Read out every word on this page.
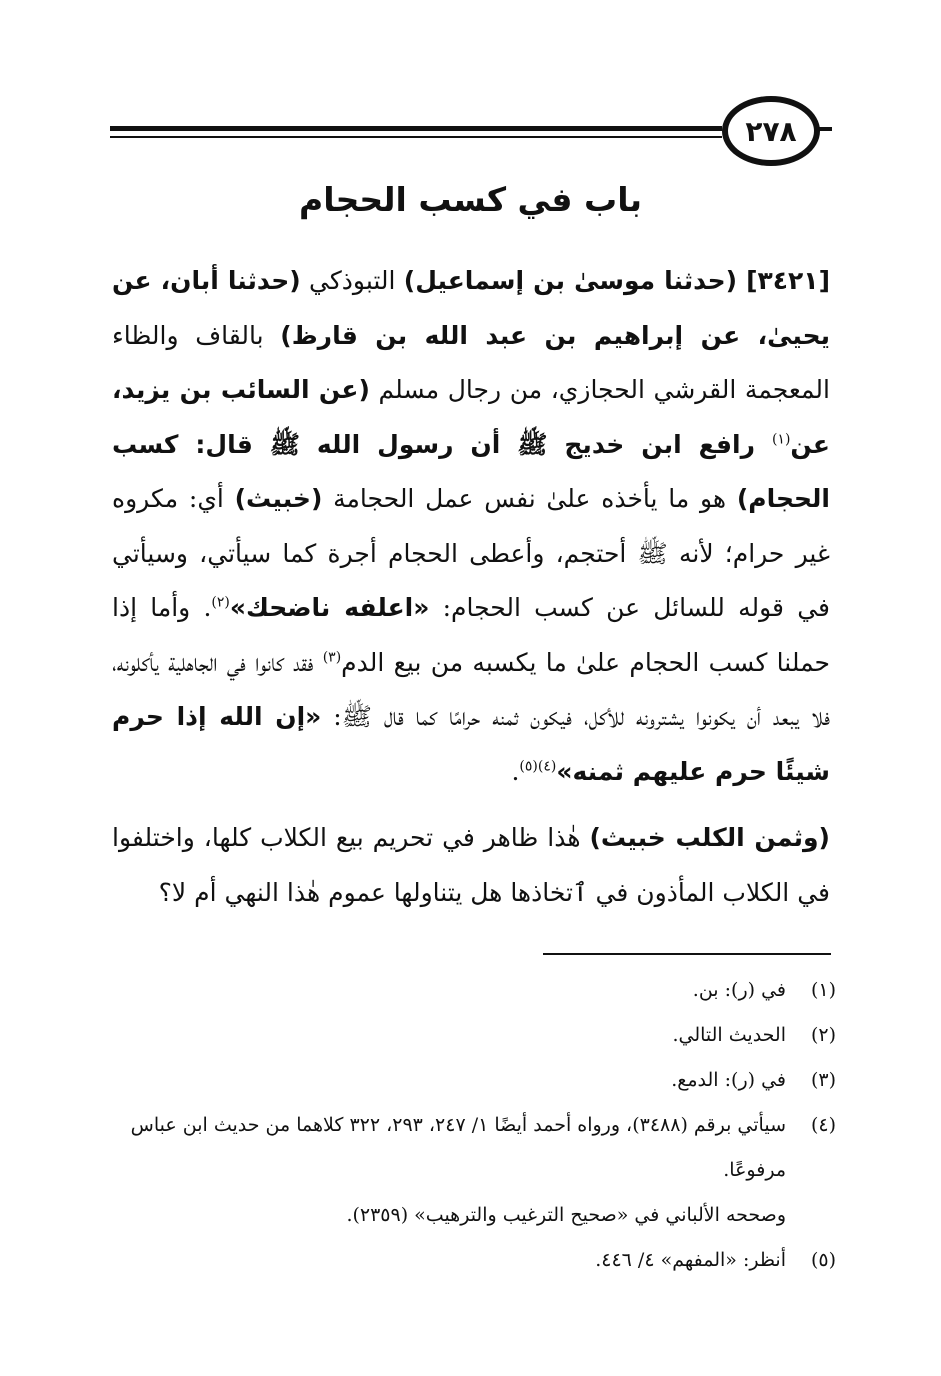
٢٧٨
باب في كسب الحجام

[٣٤٢١] (حدثنا موسىٰ بن إسماعيل) التبوذكي (حدثنا أبان، عن يحيىٰ، عن إبراهيم بن عبد الله بن قارظ) بالقاف والظاء المعجمة القرشي الحجازي، من رجال مسلم (عن السائب بن يزيد، عن$^{(١)}$ رافع ابن خديج ﷺ أن رسول الله ﷺ قال: كسب الحجام) هو ما يأخذه علىٰ نفس عمل الحجامة (خبيث) أي: مكروه غير حرام؛ لأنه ﷺ أحتجم، وأعطى الحجام أجرة كما سيأتي، وسيأتي في قوله للسائل عن كسب الحجام: «اعلفه ناضحك»$^{(٢)}$. وأما إذا حملنا كسب الحجام علىٰ ما يكسبه من بيع الدم$^{(٣)}$ فقد كانوا في الجاهلية يأكلونه، فلا يبعد أن يكونوا يشترونه للأكل، فيكون ثمنه حرامًا كما قال ﷺ: «إن الله إذا حرم شيئًا حرم عليهم ثمنه»$^{(٤)(٥)}$.

(وثمن الكلب خبيث) هٰذا ظاهر في تحريم بيع الكلاب كلها، واختلفوا في الكلاب المأذون في ٱتخاذها هل يتناولها عموم هٰذا النهي أم لا؟

(١)
في (ر): بن.
(٢)
الحديث التالي.
(٣)
في (ر): الدمع.
(٤)
سيأتي برقم (٣٤٨٨)، ورواه أحمد أيضًا ١/ ٢٤٧، ٢٩٣، ٣٢٢ كلاهما من حديث ابن عباس مرفوعًا.
وصححه الألباني في «صحيح الترغيب والترهيب» (٢٣٥٩).
(٥)
أنظر: «المفهم» ٤/ ٤٤٦.
